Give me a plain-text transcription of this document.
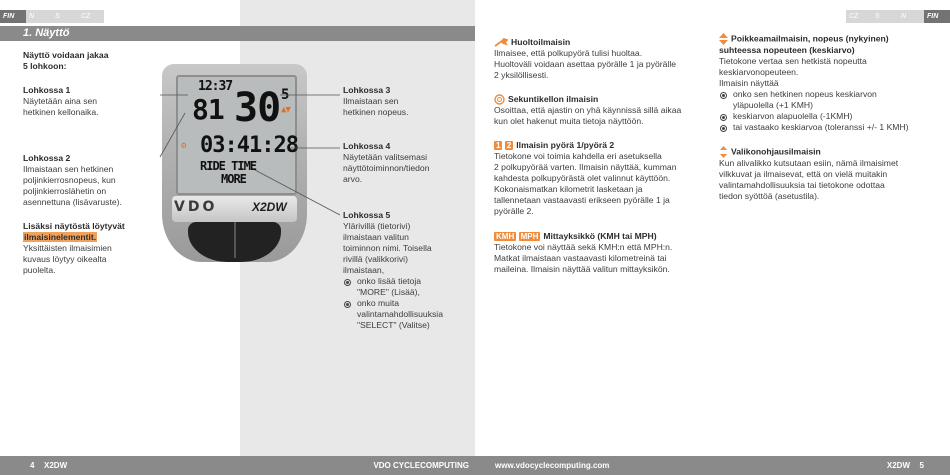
FIN	N	S	CZ
1. Näyttö
Näyttö voidaan jakaa
5 lohkoon:
Lohkossa 1
Näytetään aina sen
hetkinen kellonaika.
Lohkossa 2
Ilmaistaan sen hetkinen
poljinkierrosnopeus, kun
poljinkierroslähetin on
asennettuna (lisävaruste).
Lisäksi näytöstä löytyvät
ilmaisinelementit.
Yksittäisten ilmaisimien
kuvaus löytyy oikealta
puolelta.
12:37
81 30 5
▲▼
03:41:28
⚙
RIDE TIME
MORE
VDO	X2DW
Lohkossa 3
Ilmaistaan sen
hetkinen nopeus.
Lohkossa 4
Näytetään valitsemasi
näyttötoiminnon/tiedon
arvo.
Lohkossa 5
Ylärivillä (tietorivi)
ilmaistaan valitun
toiminnon nimi. Toisella
rivillä (valikkorivi)
ilmaistaan,
onko lisää tietoja
"MORE" (Lisää),
onko muita
valintamahdollisuuksia
"SELECT" (Valitse)
4 X2DW	VDO CYCLECOMPUTING
CZ	S	N	FIN
Huoltoilmaisin
Ilmaisee, että polkupyörä tulisi huoltaa.
Huoltoväli voidaan asettaa pyörälle 1 ja pyörälle
2 yksilöllisesti.
Sekuntikellon ilmaisin
Osoittaa, että ajastin on yhä käynnissä sillä aikaa
kun olet hakenut muita tietoja näyttöön.
1 2 Ilmaisin pyörä 1/pyörä 2
Tietokone voi toimia kahdella eri asetuksella
2 polkupyörää varten. Ilmaisin näyttää, kumman
kahdesta polkupyörästä olet valinnut käyttöön.
Kokonaismatkan kilometrit lasketaan ja
tallennetaan vastaavasti erikseen pyörälle 1 ja
pyörälle 2.
KMH MPH Mittayksikkö (KMH tai MPH)
Tietokone voi näyttää sekä KMH:n että MPH:n.
Matkat ilmaistaan vastaavasti kilometreinä tai
maileina. Ilmaisin näyttää valitun mittayksikön.
Poikkeamailmaisin, nopeus (nykyinen)
suhteessa nopeuteen (keskiarvo)
Tietokone vertaa sen hetkistä nopeutta
keskiarvonopeuteen.
Ilmaisin näyttää
onko sen hetkinen nopeus keskiarvon
yläpuolella (+1 KMH)
keskiarvon alapuolella (-1KMH)
tai vastaako keskiarvoa (toleranssi +/- 1 KMH)
Valikonohjausilmaisin
Kun alivalikko kutsutaan esiin, nämä ilmaisimet
vilkkuvat ja ilmaisevat, että on vielä muitakin
valintamahdollisuuksia tai tietokone odottaa
tiedon syöttöä (asetustila).
www.vdocyclecomputing.com	X2DW 5
